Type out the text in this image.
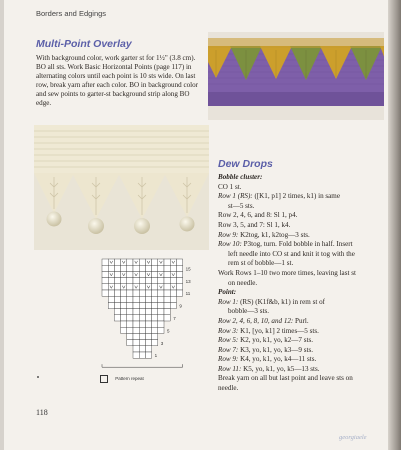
Borders and Edgings
Multi-Point Overlay

With background color, work garter st for 1½" (3.8 cm). BO all sts. Work Basic Horizontal Points (page 117) in alternating colors until each point is 10 sts wide. On last row, break yarn after each color. BO in background color and sew points to garter-st background strip along BO edge.

Dew Drops
Bobble cluster:
CO 1 st.
Row 1 (RS): ([K1, p1] 2 times, k1) in same
st—5 sts.
Row 2, 4, 6, and 8: Sl 1, p4.
Row 3, 5, and 7: Sl 1, k4.
Row 9: K2tog, k1, k2tog—3 sts.
Row 10: P3tog, turn. Fold bobble in half. Insert
left needle into CO st and knit it tog with the
rem st of bobble—1 st.
Work Rows 1–10 two more times, leaving last st
on needle.
Point:
Row 1: (RS) (K1f&b, k1) in rem st of
bobble—3 sts.
Row 2, 4, 6, 8, 10, and 12: Purl.
Row 3: K1, [yo, k1] 2 times—5 sts.
Row 5: K2, yo, k1, yo, k2—7 sts.
Row 7: K3, yo, k1, yo, k3—9 sts.
Row 9: K4, yo, k1, yo, k4—11 sts.
Row 11: K5, yo, k1, yo, k5—13 sts.
Break yarn on all but last point and leave sts on
needle.
15
13
11
9
7
5
3
1
Pattern repeat
118
georgiaele
